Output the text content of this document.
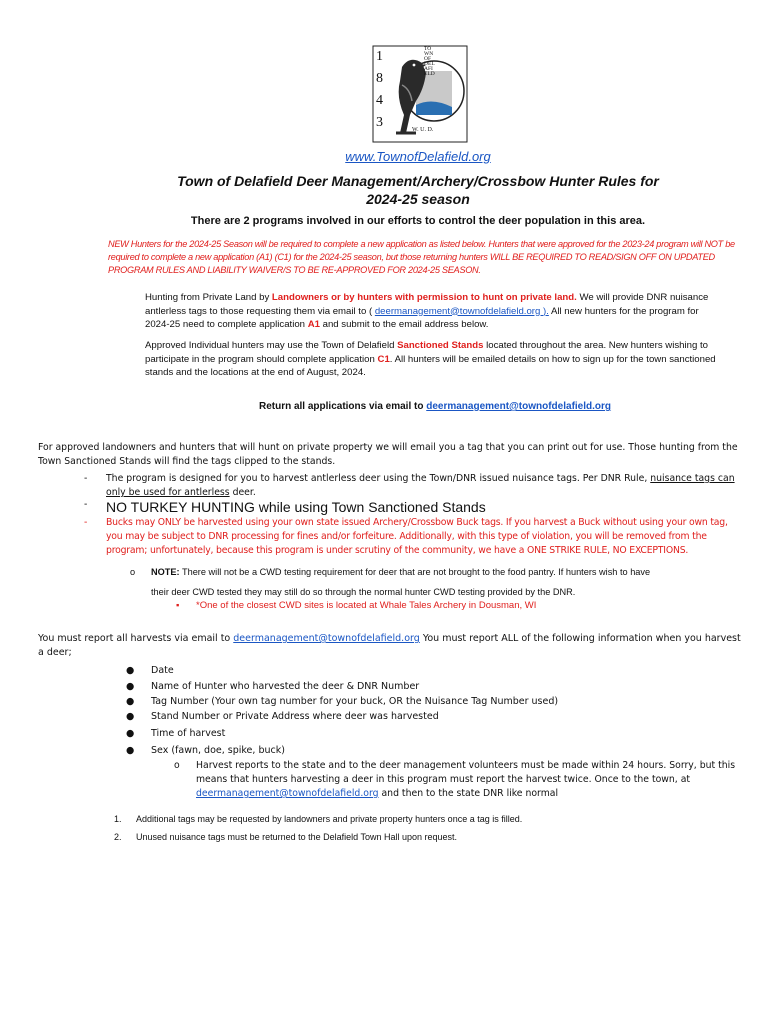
1
8
4
3
TOWN OF DELAFIELD
W. U. D.
www.TownofDelafield.org
Town of Delafield Deer Management/Archery/Crossbow Hunter Rules for
2024-25 season
There are 2 programs involved in our efforts to control the deer population in this area.
NEW Hunters for the 2024-25 Season will be required to complete a new application as listed below. Hunters that were approved for the 2023-24 program will NOT be required to complete a new application (A1) (C1) for the 2024-25 season, but those returning hunters WILL BE REQUIRED TO READ/SIGN OFF ON UPDATED PROGRAM RULES AND LIABILITY WAIVER/S TO BE RE-APPROVED FOR 2024-25 SEASON.
Hunting from Private Land by Landowners or by hunters with permission to hunt on private land. We will provide DNR nuisance antlerless tags to those requesting them via email to ( deermanagement@townofdelafield.org ). All new hunters for the program for 2024-25 need to complete application A1 and submit to the email address below.
Approved Individual hunters may use the Town of Delafield Sanctioned Stands located throughout the area. New hunters wishing to participate in the program should complete application C1. All hunters will be emailed details on how to sign up for the town sanctioned stands and the locations at the end of August, 2024.
Return all applications via email to deermanagement@townofdelafield.org
For approved landowners and hunters that will hunt on private property we will email you a tag that you can print out for use. Those hunting from the Town Sanctioned Stands will find the tags clipped to the stands.
- The program is designed for you to harvest antlerless deer using the Town/DNR issued nuisance tags. Per DNR Rule, nuisance tags can only be used for antlerless deer.
- NO TURKEY HUNTING while using Town Sanctioned Stands
- Bucks may ONLY be harvested using your own state issued Archery/Crossbow Buck tags. If you harvest a Buck without using your own tag, you may be subject to DNR processing for fines and/or forfeiture. Additionally, with this type of violation, you will be removed from the program; unfortunately, because this program is under scrutiny of the community, we have a ONE STRIKE RULE, NO EXCEPTIONS.
o NOTE: There will not be a CWD testing requirement for deer that are not brought to the food pantry. If hunters wish to have
their deer CWD tested they may still do so through the normal hunter CWD testing provided by the DNR.
▪ *One of the closest CWD sites is located at Whale Tales Archery in Dousman, WI
You must report all harvests via email to deermanagement@townofdelafield.org You must report ALL of the following information when you harvest a deer;
● Date
● Name of Hunter who harvested the deer & DNR Number
● Tag Number (Your own tag number for your buck, OR the Nuisance Tag Number used)
● Stand Number or Private Address where deer was harvested
● Time of harvest
● Sex (fawn, doe, spike, buck)
o Harvest reports to the state and to the deer management volunteers must be made within 24 hours. Sorry, but this means that hunters harvesting a deer in this program must report the harvest twice. Once to the town, at deermanagement@townofdelafield.org and then to the state DNR like normal
1. Additional tags may be requested by landowners and private property hunters once a tag is filled.
2. Unused nuisance tags must be returned to the Delafield Town Hall upon request.
